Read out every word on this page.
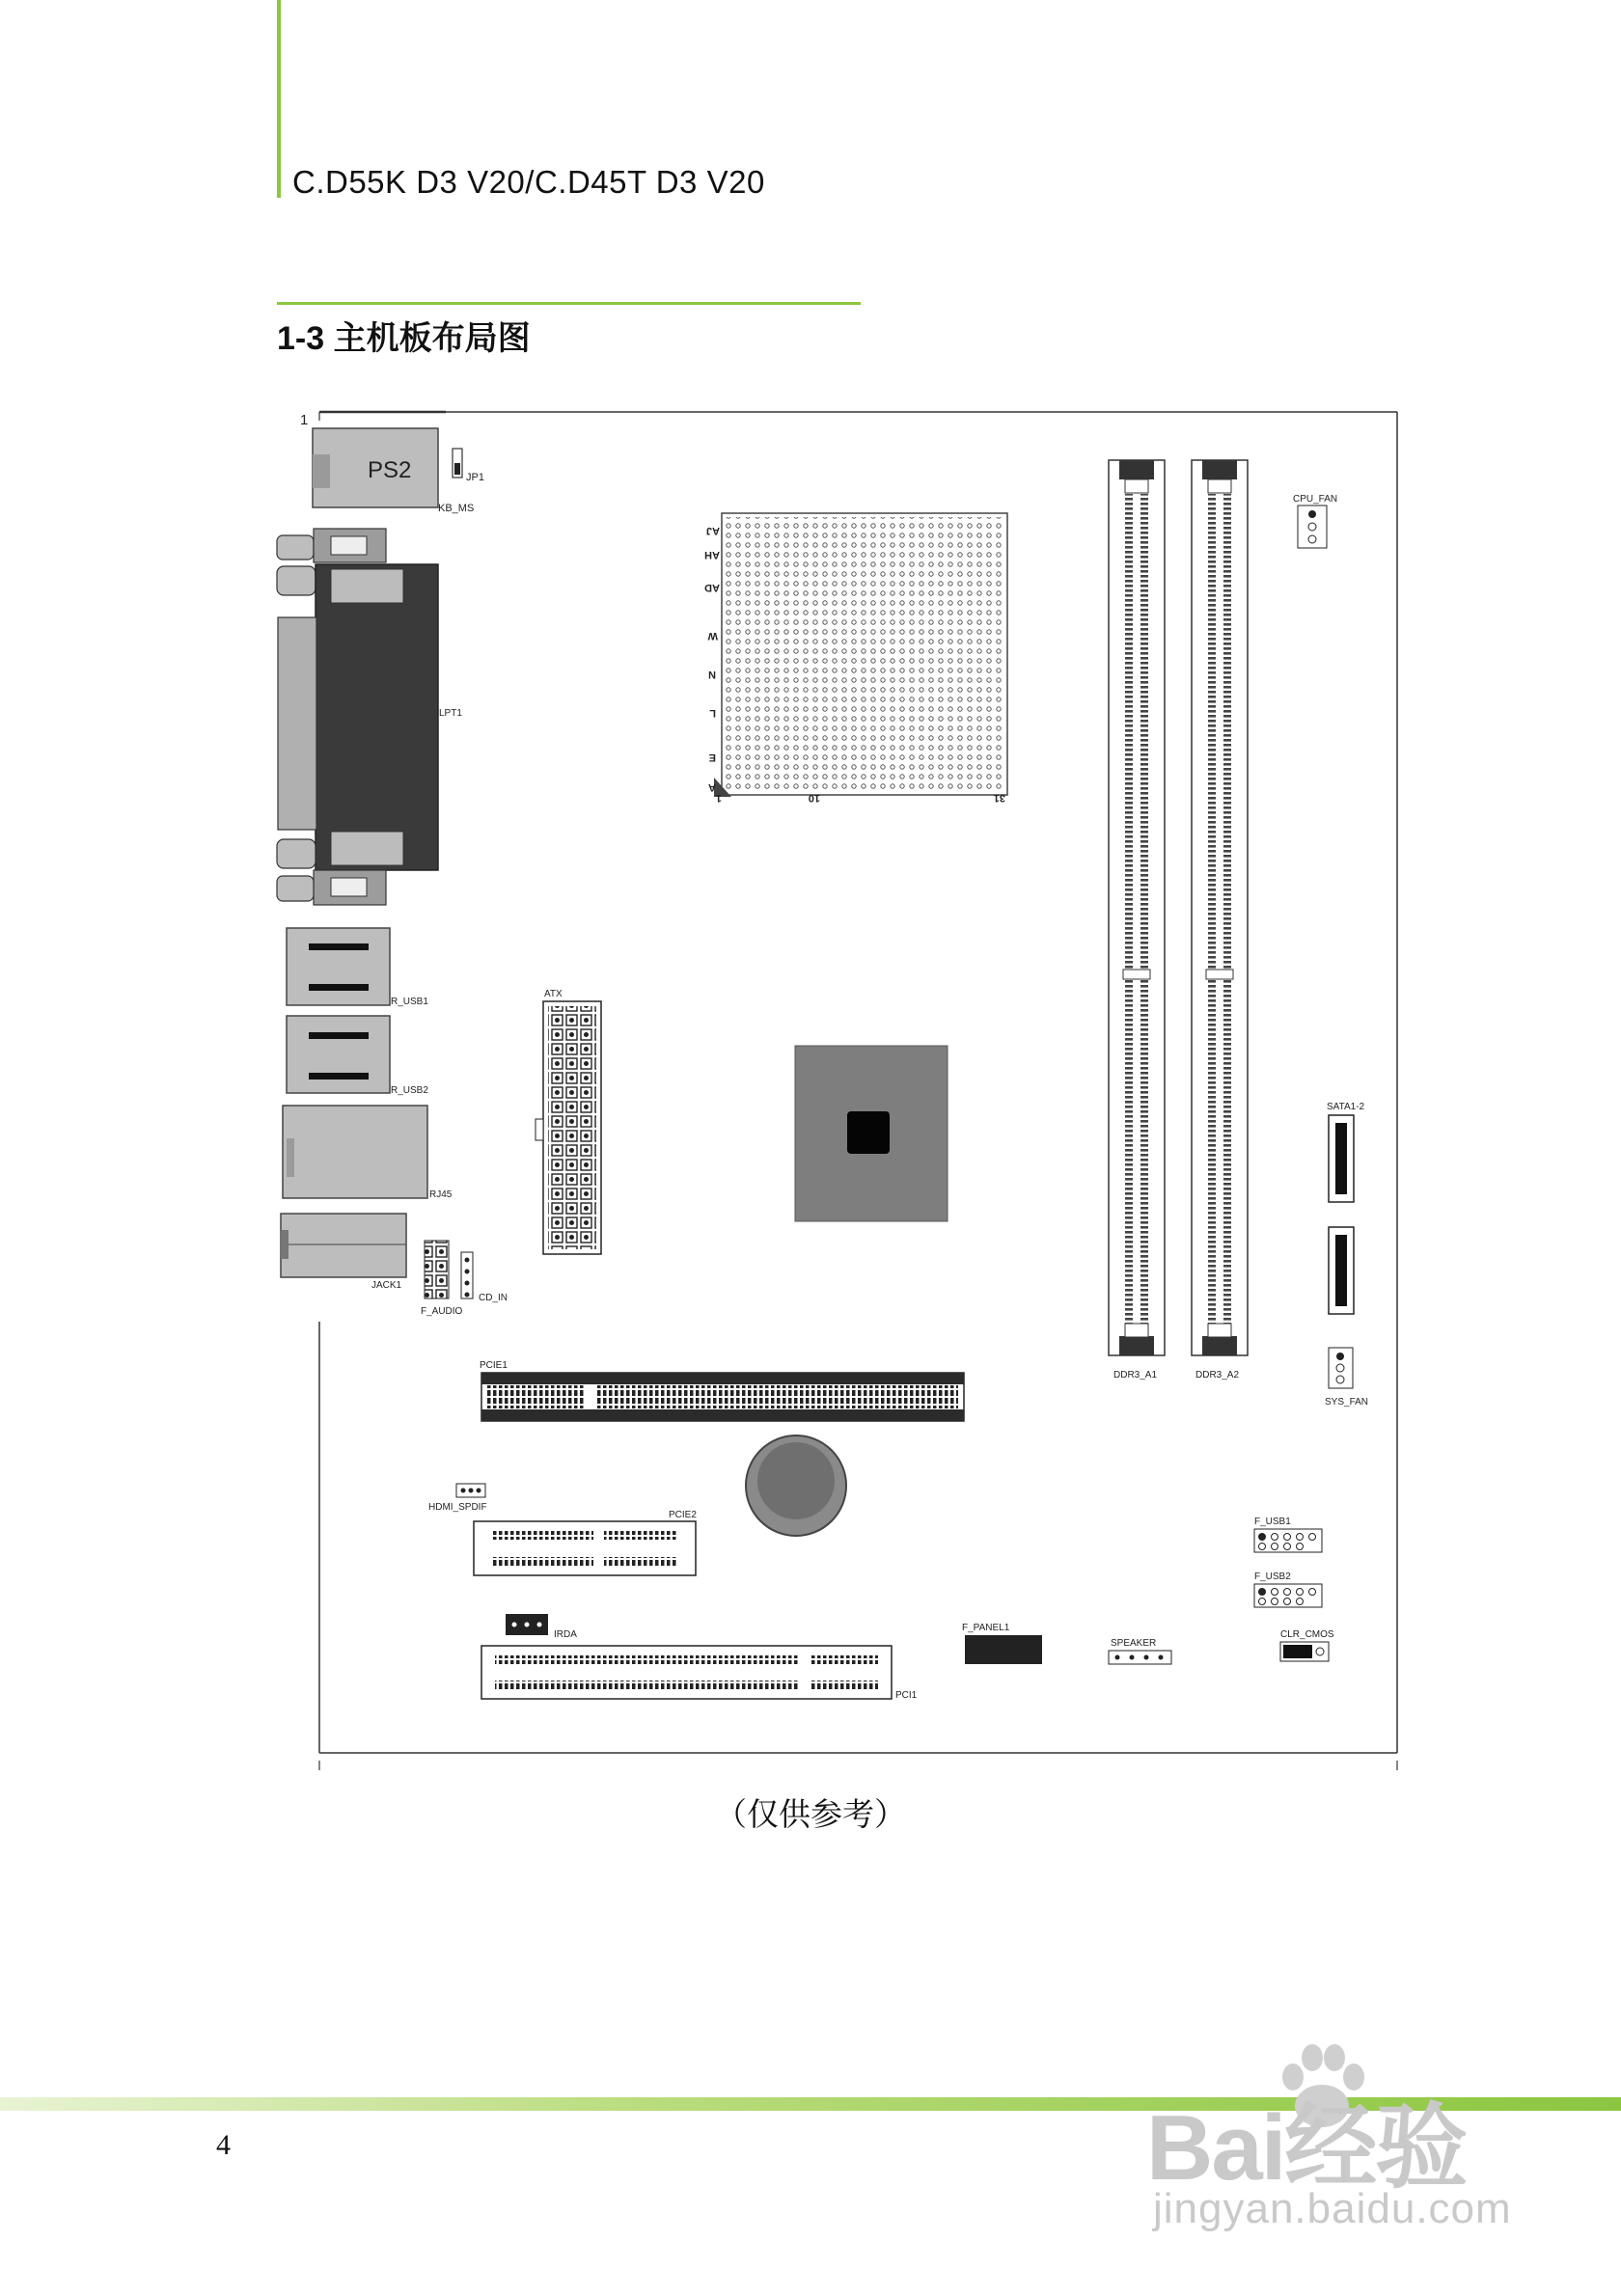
C.D55K D3 V20/C.D45T D3 V20
1-3 主机板布局图
1
PS2	JP1
KB_MS
LPT1
R_USB1
R_USB2
RJ45
JACK1
F_AUDIO
CD_IN
ATX
AJ
AH
AD
W
N
L
E
A
1	10	31
DDR3_A1	DDR3_A2
CPU_FAN
SATA1-2
SYS_FAN
PCIE1
HDMI_SPDIF
PCIE2
IRDA
PCI1
F_PANEL1
SPEAKER
F_USB1
F_USB2
CLR_CMOS
（仅供参考）
4	Bai经验
jingyan.baidu.com
